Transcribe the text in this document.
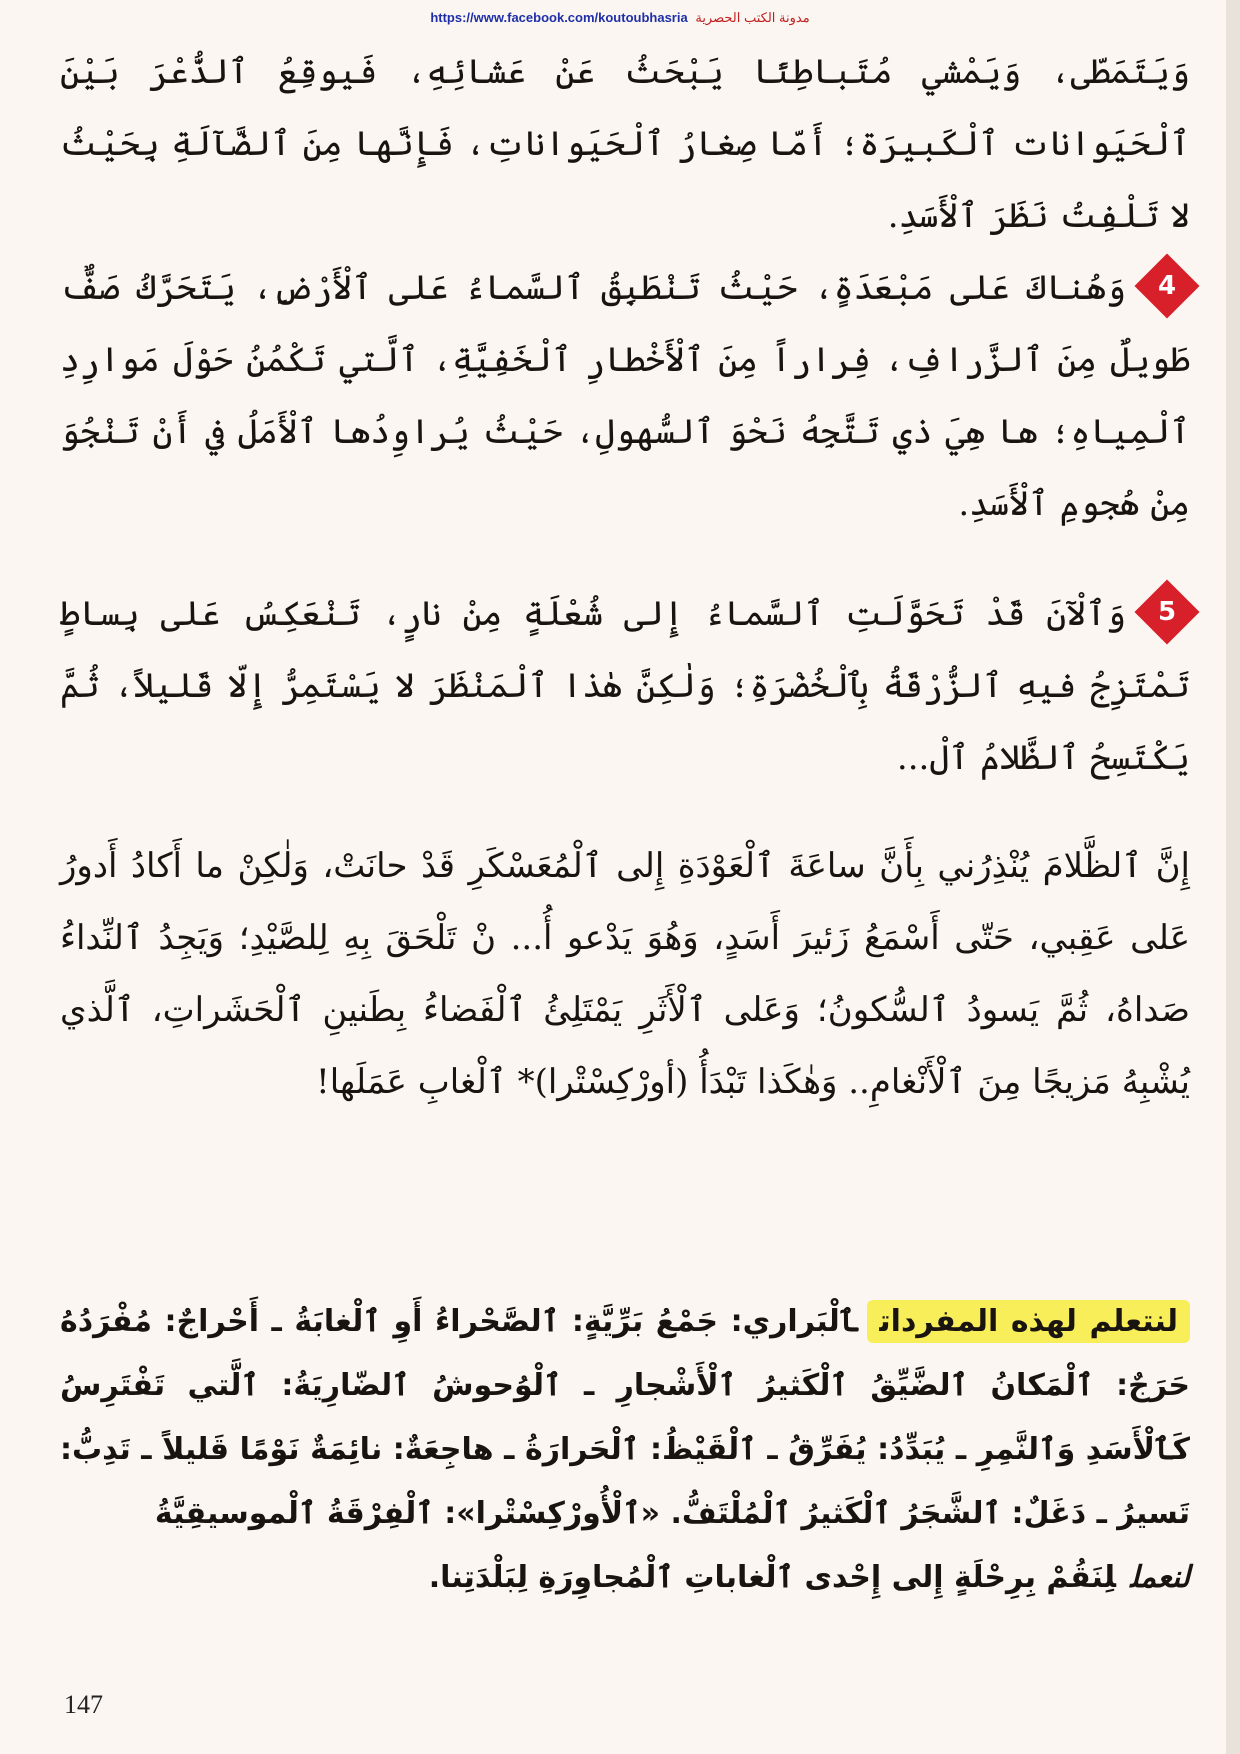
https://www.facebook.com/koutoubhasria مدونة الكتب الحصرية

وَيَتَمَطّى، وَيَمْشي مُتَباطِئًا يَبْحَثُ عَنْ عَشائِهِ، فَيوقِعُ ٱلذُّعْرَ بَيْنَ ٱلْحَيَوانات ٱلْكَبيرَة؛ أَمّا صِغارُ ٱلْحَيَواناتِ، فَإِنَّها مِنَ ٱلضَّآلَةِ بِحَيْثُ لا تَلْفِتُ نَظَرَ ٱلْأَسَدِ.

4
وَهُناكَ عَلى مَبْعَدَةٍ، حَيْثُ تَنْطَبِقُ ٱلسَّماءُ عَلى ٱلْأَرْضِ، يَتَحَرَّكُ صَفٌّ طَويلٌ مِنَ ٱلزَّرافِ، فِراراً مِنَ ٱلْأَخْطارِ ٱلْخَفِيَّةِ، ٱلَّتي تَكْمُنُ حَوْلَ مَوارِدِ ٱلْمِياهِ؛ ها هِيَ ذي تَتَّجِهُ نَحْوَ ٱلسُّهولِ، حَيْثُ يُراوِدُها ٱلْأَمَلُ في أَنْ تَنْجُوَ مِنْ هُجومِ ٱلْأَسَدِ.

5
وَٱلْآنَ قَدْ تَحَوَّلَتِ ٱلسَّماءُ إِلى شُعْلَةٍ مِنْ نارٍ، تَنْعَكِسُ عَلى بِساطٍ تَمْتَزِجُ فيهِ ٱلزُّرْقَةُ بِٱلْخُضْرَةِ؛ وَلٰكِنَّ هٰذا ٱلْمَنْظَرَ لا يَسْتَمِرُّ إِلّا قَليلاً، ثُمَّ يَكْتَسِحُ ٱلظَّلامُ ٱلْ...

إِنَّ ٱلظَّلامَ يُنْذِرُني بِأَنَّ ساعَةَ ٱلْعَوْدَةِ إِلى ٱلْمُعَسْكَرِ قَدْ حانَتْ، وَلٰكِنْ ما أَكادُ أَدورُ عَلى عَقِبي، حَتّى أَسْمَعُ زَئيرَ أَسَدٍ، وَهُوَ يَدْعو أُ... نْ تَلْحَقَ بِهِ لِلصَّيْدِ؛ وَيَجِدُ ٱلنِّداءُ صَداهُ، ثُمَّ يَسودُ ٱلسُّكونُ؛ وَعَلى ٱلْأَثَرِ يَمْتَلِئُ ٱلْفَضاءُ بِطَنينِ ٱلْحَشَراتِ، ٱلَّذي يُشْبِهُ مَزيجًا مِنَ ٱلْأَنْغامِ.. وَهٰكَذا تَبْدَأُ (أورْكِسْتْرا)* ٱلْغابِ عَمَلَها!

لنتعلم لهذه المفرداتٱلْبَراري: جَمْعُ بَرِّيَّةٍ: ٱلصَّحْراءُ أَوِ ٱلْغابَةُ ـ أَحْراجٌ: مُفْرَدُهُ حَرَجٌ: ٱلْمَكانُ ٱلضَّيِّقُ ٱلْكَثيرُ ٱلْأَشْجارِ ـ ٱلْوُحوشُ ٱلضّارِيَةُ: ٱلَّتي تَفْتَرِسُ كَٱلْأَسَدِ وَٱلنَّمِرِ ـ يُبَدِّدُ: يُفَرِّقُ ـ ٱلْقَيْظُ: ٱلْحَرارَةُ ـ هاجِعَةٌ: نائِمَةٌ نَوْمًا قَليلاً ـ تَدِبُّ: تَسيرُ ـ دَغَلٌ: ٱلشَّجَرُ ٱلْكَثيرُ ٱلْمُلْتَفُّ. «ٱلْأُورْكِسْتْرا»: ٱلْفِرْقَةُ ٱلْموسيقِيَّةُ
لنعمللِنَقُمْ بِرِحْلَةٍ إِلى إِحْدى ٱلْغاباتِ ٱلْمُجاوِرَةِ لِبَلْدَتِنا.
147
